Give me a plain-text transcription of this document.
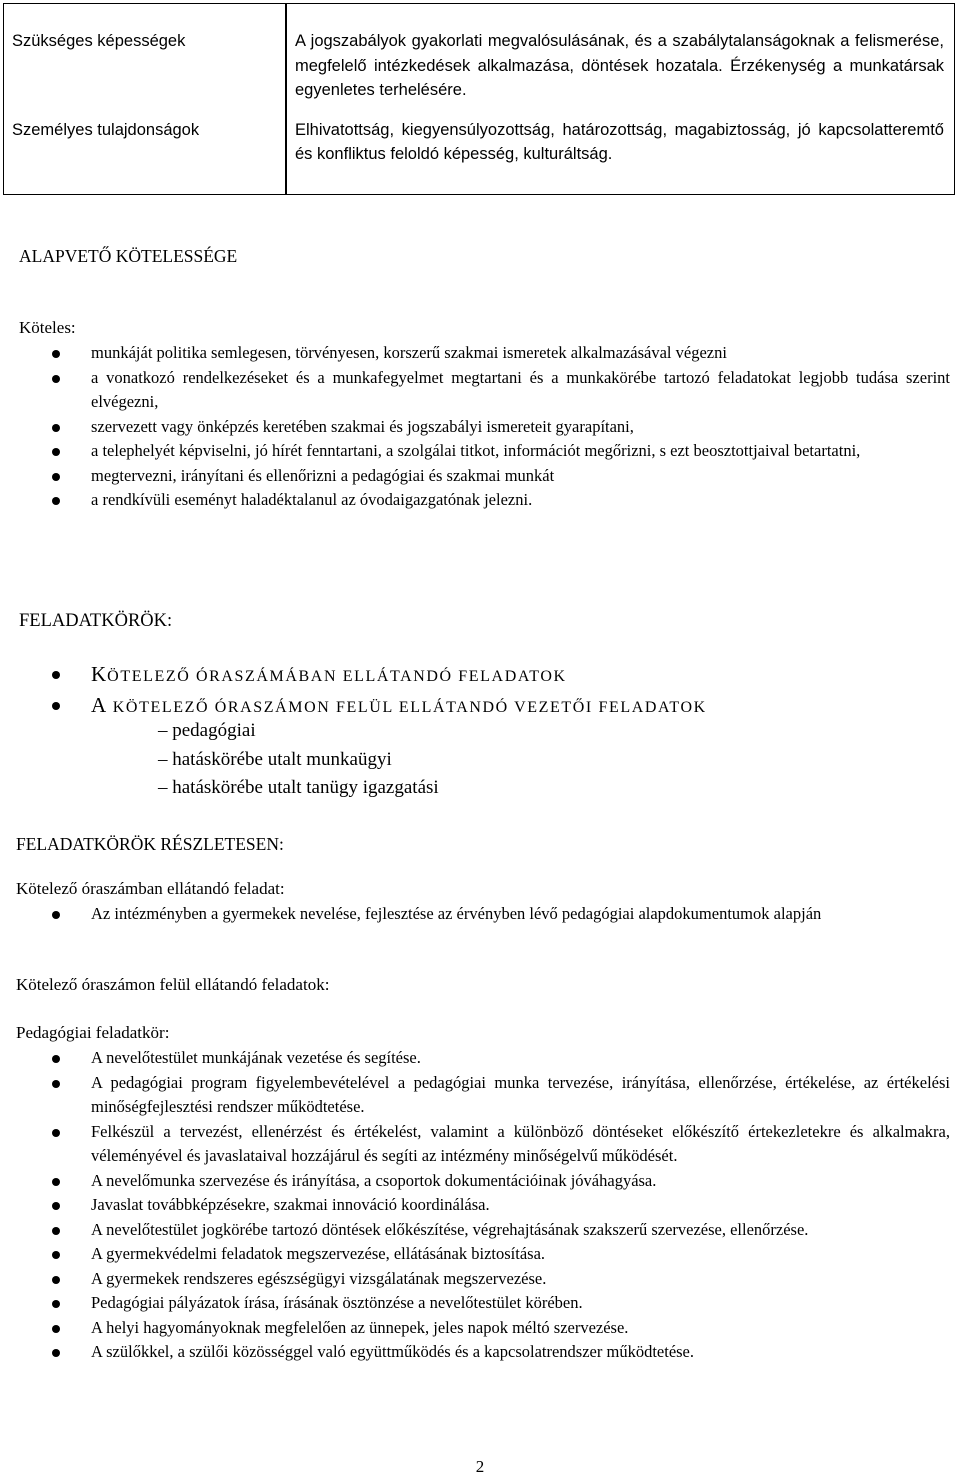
Szükséges képességek	A jogszabályok gyakorlati megvalósulásának, és a szabálytalanságoknak a felismerése, megfelelő intézkedések alkalmazása, döntések hozatala. Érzékenység a munkatársak egyenletes terhelésére.
Személyes tulajdonságok	Elhivatottság, kiegyensúlyozottság, határozottság, magabiztosság, jó kapcsolatteremtő és konfliktus feloldó képesség, kulturáltság.
ALAPVETŐ KÖTELESSÉGE
Köteles:
munkáját politika semlegesen, törvényesen, korszerű szakmai ismeretek alkalmazásával végezni
a vonatkozó rendelkezéseket és a munkafegyelmet megtartani és a munkakörébe tartozó feladatokat legjobb tudása szerint elvégezni,
szervezett vagy önképzés keretében szakmai és jogszabályi ismereteit gyarapítani,
a telephelyét képviselni, jó hírét fenntartani, a szolgálai titkot, információt megőrizni, s ezt beosztottjaival betartatni,
megtervezni, irányítani és ellenőrizni a pedagógiai és szakmai munkát
a rendkívüli eseményt haladéktalanul az óvodaigazgatónak jelezni.
FELADATKÖRÖK:
KÖTELEZŐ ÓRASZÁMÁBAN ELLÁTANDÓ FELADATOK
A KÖTELEZŐ ÓRASZÁMON FELÜL ELLÁTANDÓ VEZETŐI FELADATOK
– pedagógiai
– hatáskörébe utalt munkaügyi
– hatáskörébe utalt tanügy igazgatási
FELADATKÖRÖK RÉSZLETESEN:
Kötelező óraszámban ellátandó feladat:
Az intézményben a gyermekek nevelése, fejlesztése az érvényben lévő pedagógiai alapdokumentumok alapján
Kötelező óraszámon felül ellátandó feladatok:
Pedagógiai feladatkör:
A nevelőtestület munkájának vezetése és segítése.
A pedagógiai program figyelembevételével a pedagógiai munka tervezése, irányítása, ellenőrzése, értékelése, az értékelési minőségfejlesztési rendszer működtetése.
Felkészül a tervezést, ellenérzést és értékelést, valamint a különböző döntéseket előkészítő értekezletekre és alkalmakra, véleményével és javaslataival hozzájárul és segíti az intézmény minőségelvű működését.
A nevelőmunka szervezése és irányítása, a csoportok dokumentációinak jóváhagyása.
Javaslat továbbképzésekre, szakmai innováció koordinálása.
A nevelőtestület jogkörébe tartozó döntések előkészítése, végrehajtásának szakszerű szervezése, ellenőrzése.
A gyermekvédelmi feladatok megszervezése, ellátásának biztosítása.
A gyermekek rendszeres egészségügyi vizsgálatának megszervezése.
Pedagógiai pályázatok írása, írásának ösztönzése a nevelőtestület körében.
A helyi hagyományoknak megfelelően az ünnepek, jeles napok méltó szervezése.
A szülőkkel, a szülői közösséggel való együttműködés és a kapcsolatrendszer működtetése.
2
